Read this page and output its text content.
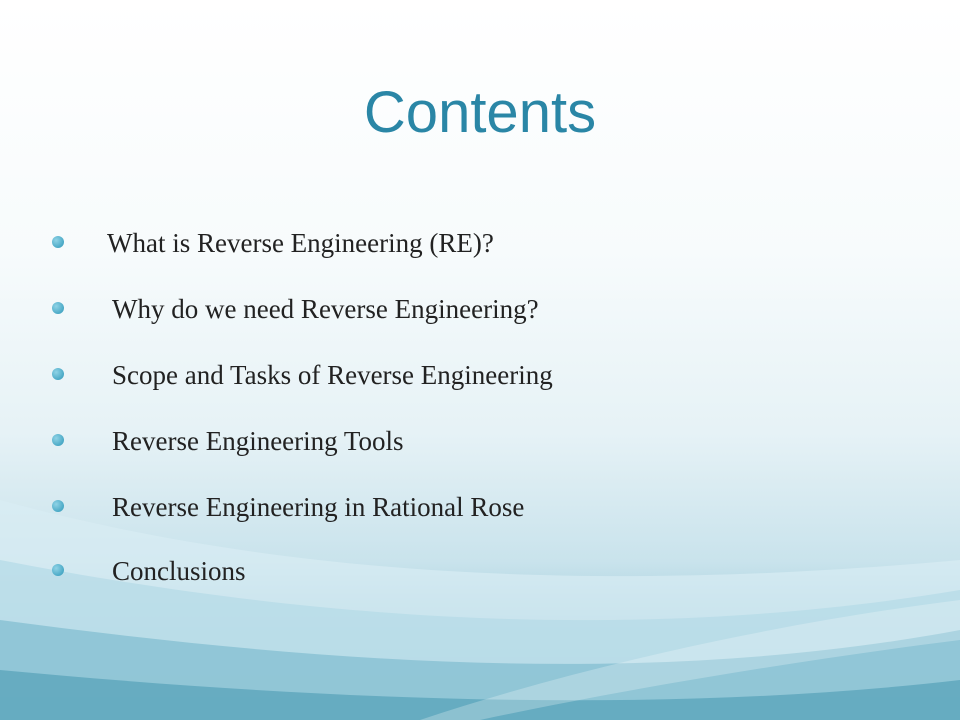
Contents
What is Reverse Engineering (RE)?
Why do we need Reverse Engineering?
Scope and Tasks of Reverse Engineering
Reverse Engineering Tools
Reverse Engineering in Rational Rose
Conclusions
